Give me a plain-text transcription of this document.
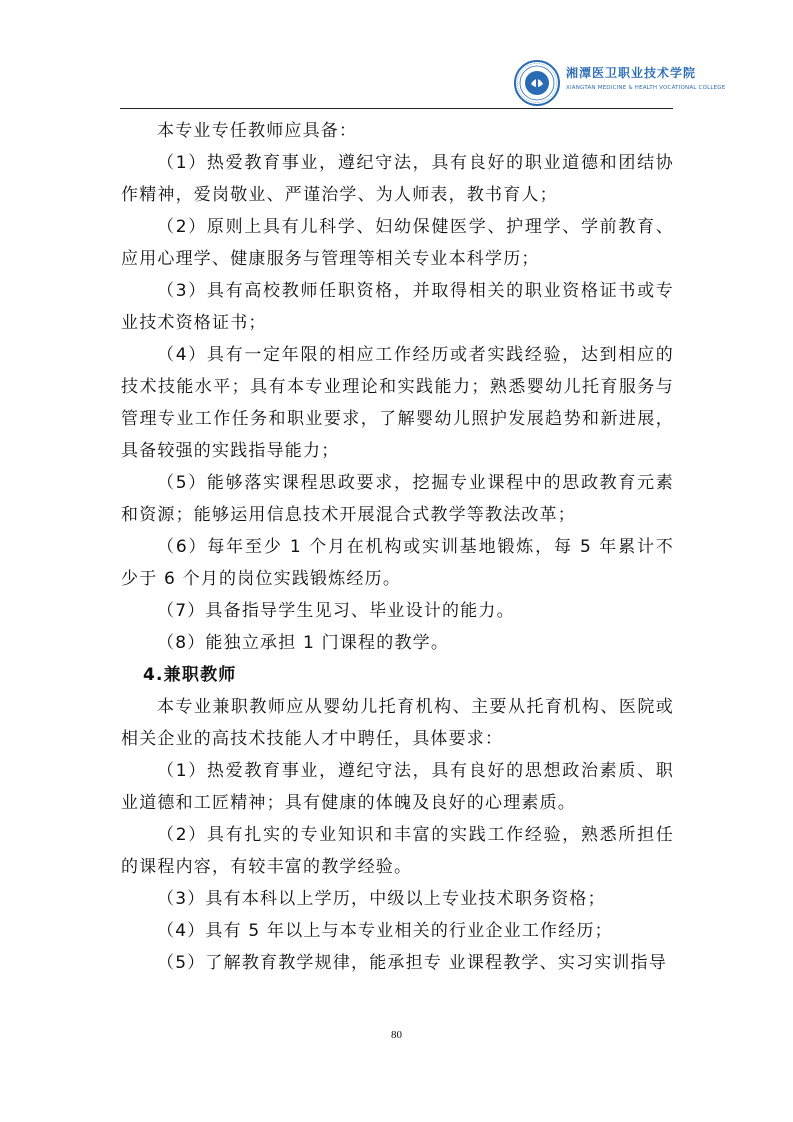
湘潭医卫职业技术学院
XIANGTAN MEDICINE & HEALTH VOCATIONAL COLLEGE

本专业专任教师应具备：

（1）热爱教育事业，遵纪守法，具有良好的职业道德和团结协作精神，爱岗敬业、严谨治学、为人师表，教书育人；

（2）原则上具有儿科学、妇幼保健医学、护理学、学前教育、应用心理学、健康服务与管理等相关专业本科学历；

（3）具有高校教师任职资格，并取得相关的职业资格证书或专业技术资格证书；

（4）具有一定年限的相应工作经历或者实践经验，达到相应的技术技能水平；具有本专业理论和实践能力；熟悉婴幼儿托育服务与管理专业工作任务和职业要求，了解婴幼儿照护发展趋势和新进展，具备较强的实践指导能力；

（5）能够落实课程思政要求，挖掘专业课程中的思政教育元素和资源；能够运用信息技术开展混合式教学等教法改革；

（6）每年至少 1 个月在机构或实训基地锻炼，每 5 年累计不少于 6 个月的岗位实践锻炼经历。

（7）具备指导学生见习、毕业设计的能力。

（8）能独立承担 1 门课程的教学。

4.兼职教师

本专业兼职教师应从婴幼儿托育机构、主要从托育机构、医院或相关企业的高技术技能人才中聘任，具体要求：

（1）热爱教育事业，遵纪守法，具有良好的思想政治素质、职业道德和工匠精神；具有健康的体魄及良好的心理素质。

（2）具有扎实的专业知识和丰富的实践工作经验，熟悉所担任的课程内容，有较丰富的教学经验。

（3）具有本科以上学历，中级以上专业技术职务资格；

（4）具有 5 年以上与本专业相关的行业企业工作经历；

（5）了解教育教学规律，能承担专 业课程教学、实习实训指导

80
